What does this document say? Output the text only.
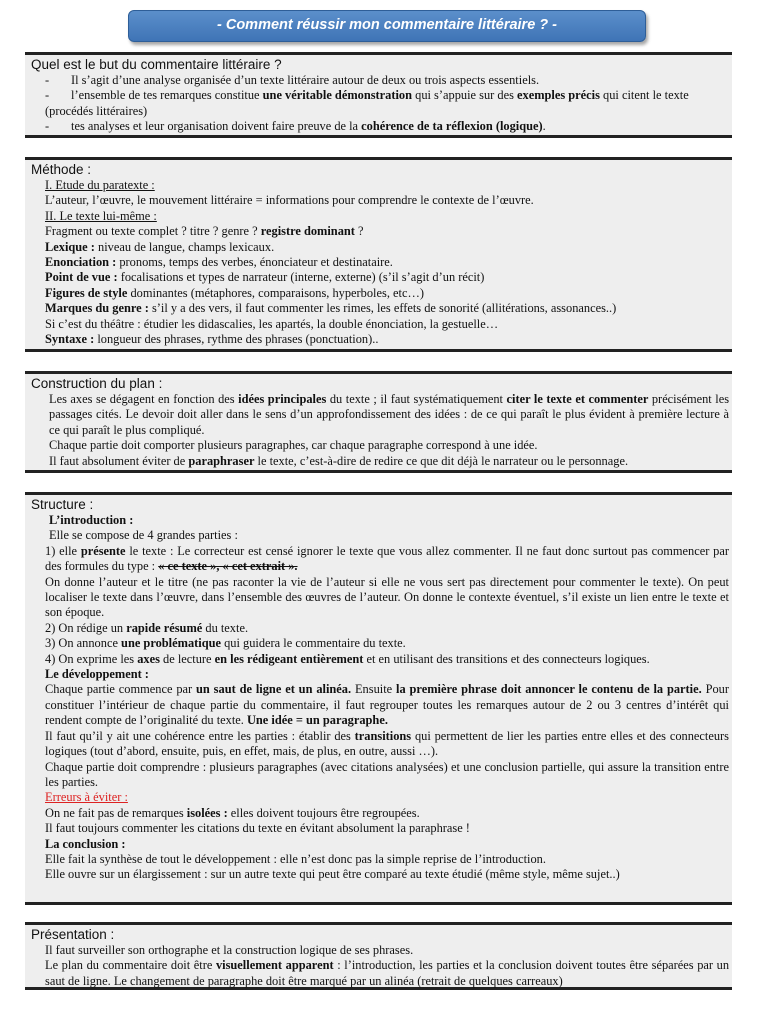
- Comment réussir mon commentaire littéraire ? -

Quel est le but du commentaire littéraire ?

- Il s’agit d’une analyse organisée d’un texte littéraire autour de deux ou trois aspects essentiels.

- l’ensemble de tes remarques constitue une véritable démonstration qui s’appuie sur des exemples précis qui citent le texte (procédés littéraires)

- tes analyses et leur organisation doivent faire preuve de la cohérence de ta réflexion (logique).

Méthode :

I. Etude du paratexte :

L’auteur, l’œuvre, le mouvement littéraire = informations pour comprendre le contexte de l’œuvre.

II. Le texte lui-même :

Fragment ou texte complet ? titre ? genre ? registre dominant ?

Lexique : niveau de langue, champs lexicaux.

Enonciation : pronoms, temps des verbes, énonciateur et destinataire.

Point de vue : focalisations et types de narrateur (interne, externe) (s’il s’agit d’un récit)

Figures de style dominantes (métaphores, comparaisons, hyperboles, etc…)

Marques du genre : s’il y a des vers, il faut commenter les rimes, les effets de sonorité (allitérations, assonances..)

Si c’est du théâtre : étudier les didascalies, les apartés, la double énonciation, la gestuelle…

Syntaxe : longueur des phrases, rythme des phrases (ponctuation)..

Construction du plan :

Les axes se dégagent en fonction des idées principales du texte ; il faut systématiquement citer le texte et commenter précisément les passages cités. Le devoir doit aller dans le sens d’un approfondissement des idées : de ce qui paraît le plus évident à première lecture à ce qui paraît le plus compliqué.

Chaque partie doit comporter plusieurs paragraphes, car chaque paragraphe correspond à une idée.

Il faut absolument éviter de paraphraser le texte, c’est-à-dire de redire ce que dit déjà le narrateur ou le personnage.

Structure :

L’introduction :

Elle se compose de 4 grandes parties :

1) elle présente le texte : Le correcteur est censé ignorer le texte que vous allez commenter. Il ne faut donc surtout pas commencer par des formules du type : « ce texte », « cet extrait ».

On donne l’auteur et le titre (ne pas raconter la vie de l’auteur si elle ne vous sert pas directement pour commenter le texte). On peut localiser le texte dans l’œuvre, dans l’ensemble des œuvres de l’auteur. On donne le contexte éventuel, s’il existe un lien entre le texte et son époque.

2) On rédige un rapide résumé du texte.

3) On annonce une problématique qui guidera le commentaire du texte.

4) On exprime les axes de lecture en les rédigeant entièrement et en utilisant des transitions et des connecteurs logiques.

Le développement :

Chaque partie commence par un saut de ligne et un alinéa. Ensuite la première phrase doit annoncer le contenu de la partie. Pour constituer l’intérieur de chaque partie du commentaire, il faut regrouper toutes les remarques autour de 2 ou 3 centres d’intérêt qui rendent compte de l’originalité du texte. Une idée = un paragraphe.

Il faut qu’il y ait une cohérence entre les parties : établir des transitions qui permettent de lier les parties entre elles et des connecteurs logiques (tout d’abord, ensuite, puis, en effet, mais, de plus, en outre, aussi …).

Chaque partie doit comprendre : plusieurs paragraphes (avec citations analysées) et une conclusion partielle, qui assure la transition entre les parties.

Erreurs à éviter :

On ne fait pas de remarques isolées : elles doivent toujours être regroupées.

Il faut toujours commenter les citations du texte en évitant absolument la paraphrase !

La conclusion :

Elle fait la synthèse de tout le développement : elle n’est donc pas la simple reprise de l’introduction.

Elle ouvre sur un élargissement : sur un autre texte qui peut être comparé au texte étudié (même style, même sujet..)

Présentation :

Il faut surveiller son orthographe et la construction logique de ses phrases.

Le plan du commentaire doit être visuellement apparent : l’introduction, les parties et la conclusion doivent toutes être séparées par un saut de ligne. Le changement de paragraphe doit être marqué par un alinéa (retrait de quelques carreaux)
